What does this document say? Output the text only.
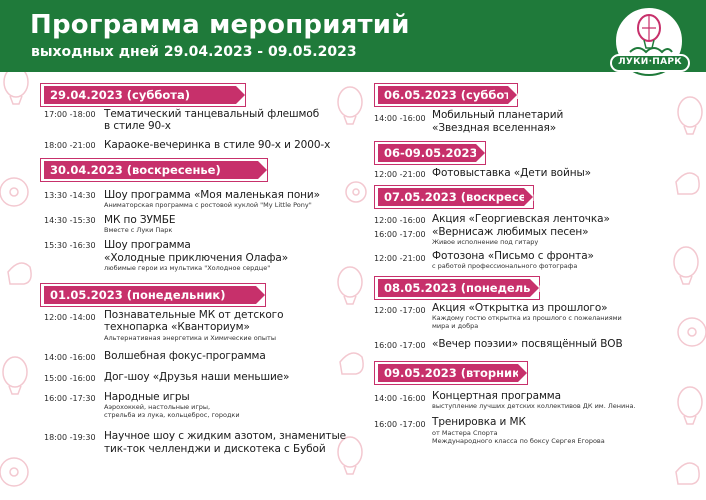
Программа мероприятий
выходных дней 29.04.2023 - 09.05.2023
ЛУКИ·ПАРК
29.04.2023 (суббота)
17:00 -18:00 Тематический танцевальный флешмоб
в стиле 90-х
18:00 -21:00 Караоке-вечеринка в стиле 90-х и 2000-х
30.04.2023 (воскресенье)
13:30 -14:30 Шоу программа «Моя маленькая пони»
Аниматорская программа с ростовой куклой "My Little Pony"
14:30 -15:30 МК по ЗУМБЕ
Вместе с Луки Парк
15:30 -16:30 Шоу программа
«Холодные приключения Олафа»
любимые герои из мультика "Холодное сердце"
01.05.2023 (понедельник)
12:00 -14:00 Познавательные МК от детского
технопарка «Кванториум»
Альтернативная энергетика и Химические опыты
14:00 -16:00 Волшебная фокус-программа
15:00 -16:00 Дог-шоу «Друзья наши меньшие»
16:00 -17:30 Народные игры
Аэрохоккей, настольные игры,
стрельба из лука, кольцеброс, городки
18:00 -19:30 Научное шоу с жидким азотом, знаменитые
тик-ток челленджи и дискотека с Бубой
06.05.2023 (суббота)
14:00 -16:00 Мобильный планетарий
«Звездная вселенная»
06-09.05.2023
12:00 -21:00 Фотовыставка «Дети войны»
07.05.2023 (воскресенье)
12:00 -16:00 Акция «Георгиевская ленточка»
16:00 -17:00 «Вернисаж любимых песен»
Живое исполнение под гитару
12:00 -21:00 Фотозона «Письмо с фронта»
с работой профессионального фотографа
08.05.2023 (понедельник)
12:00 -17:00 Акция «Открытка из прошлого»
Каждому гостю открытка из прошлого с пожеланиями
мира и добра
16:00 -17:00 «Вечер поэзии» посвящённый ВОВ
09.05.2023 (вторник)
14:00 -16:00 Концертная программа
выступление лучших детских коллективов ДК им. Ленина.
16:00 -17:00 Тренировка и МК
от Мастера Спорта
Международного класса по боксу Сергея Егорова
